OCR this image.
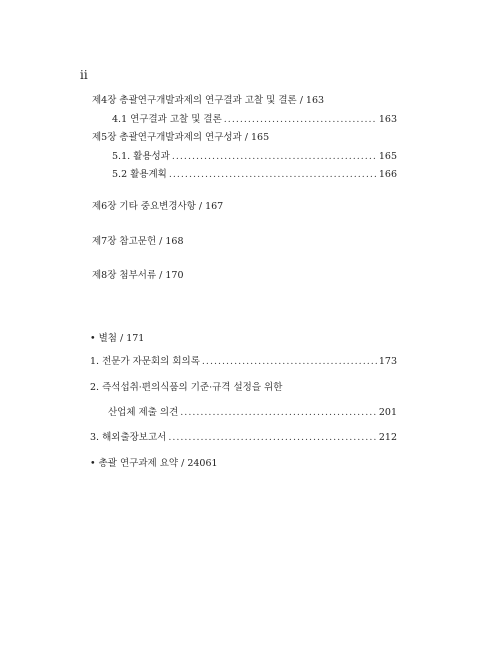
ii
제4장 총괄연구개발과제의 연구결과 고찰 및 결론 / 163
4.1 연구결과 고찰 및 결론 .....	163
제5장 총괄연구개발과제의 연구성과 / 165
5.1. 활용성과 .....	165
5.2 활용계획 .....	166
제6장 기타 중요변경사항 / 167
제7장 참고문헌 / 168
제8장 첨부서류 / 170
• 별첨 / 171
1. 전문가 자문회의 회의록 .....	173
2. 즉석섭취·편의식품의 기준·규격 설정을 위한
산업체 제출 의견 .....	201
3. 해외출장보고서 .....	212
• 총괄 연구과제 요약 / 24061
